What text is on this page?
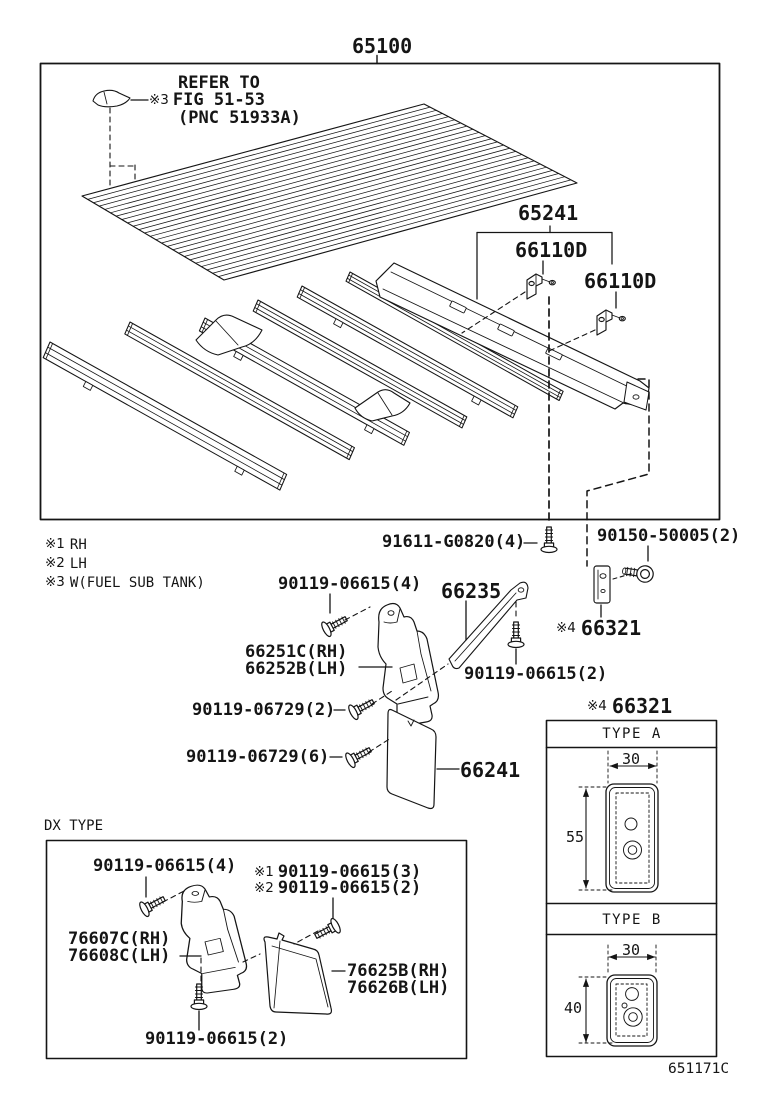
65100
REFER TO
※3 FIG 51-53
(PNC 51933A)
65241
66110D
66110D
91611-G0820(4)	90150-50005(2)
※1 RH
※2 LH
※3 W(FUEL SUB TANK)
※4 66321
90119-06615(4) 66235
66251C(RH)
66252B(LH)	90119-06615(2)
90119-06729(2)
90119-06729(6)
66241
DX TYPE
90119-06615(4) ※1 90119-06615(3)
※2 90119-06615(2)
76607C(RH)
76608C(LH)
76625B(RH)
76626B(LH)
90119-06615(2)
※4 66321
TYPE A
TYPE B
30
55
30
40
651171C
